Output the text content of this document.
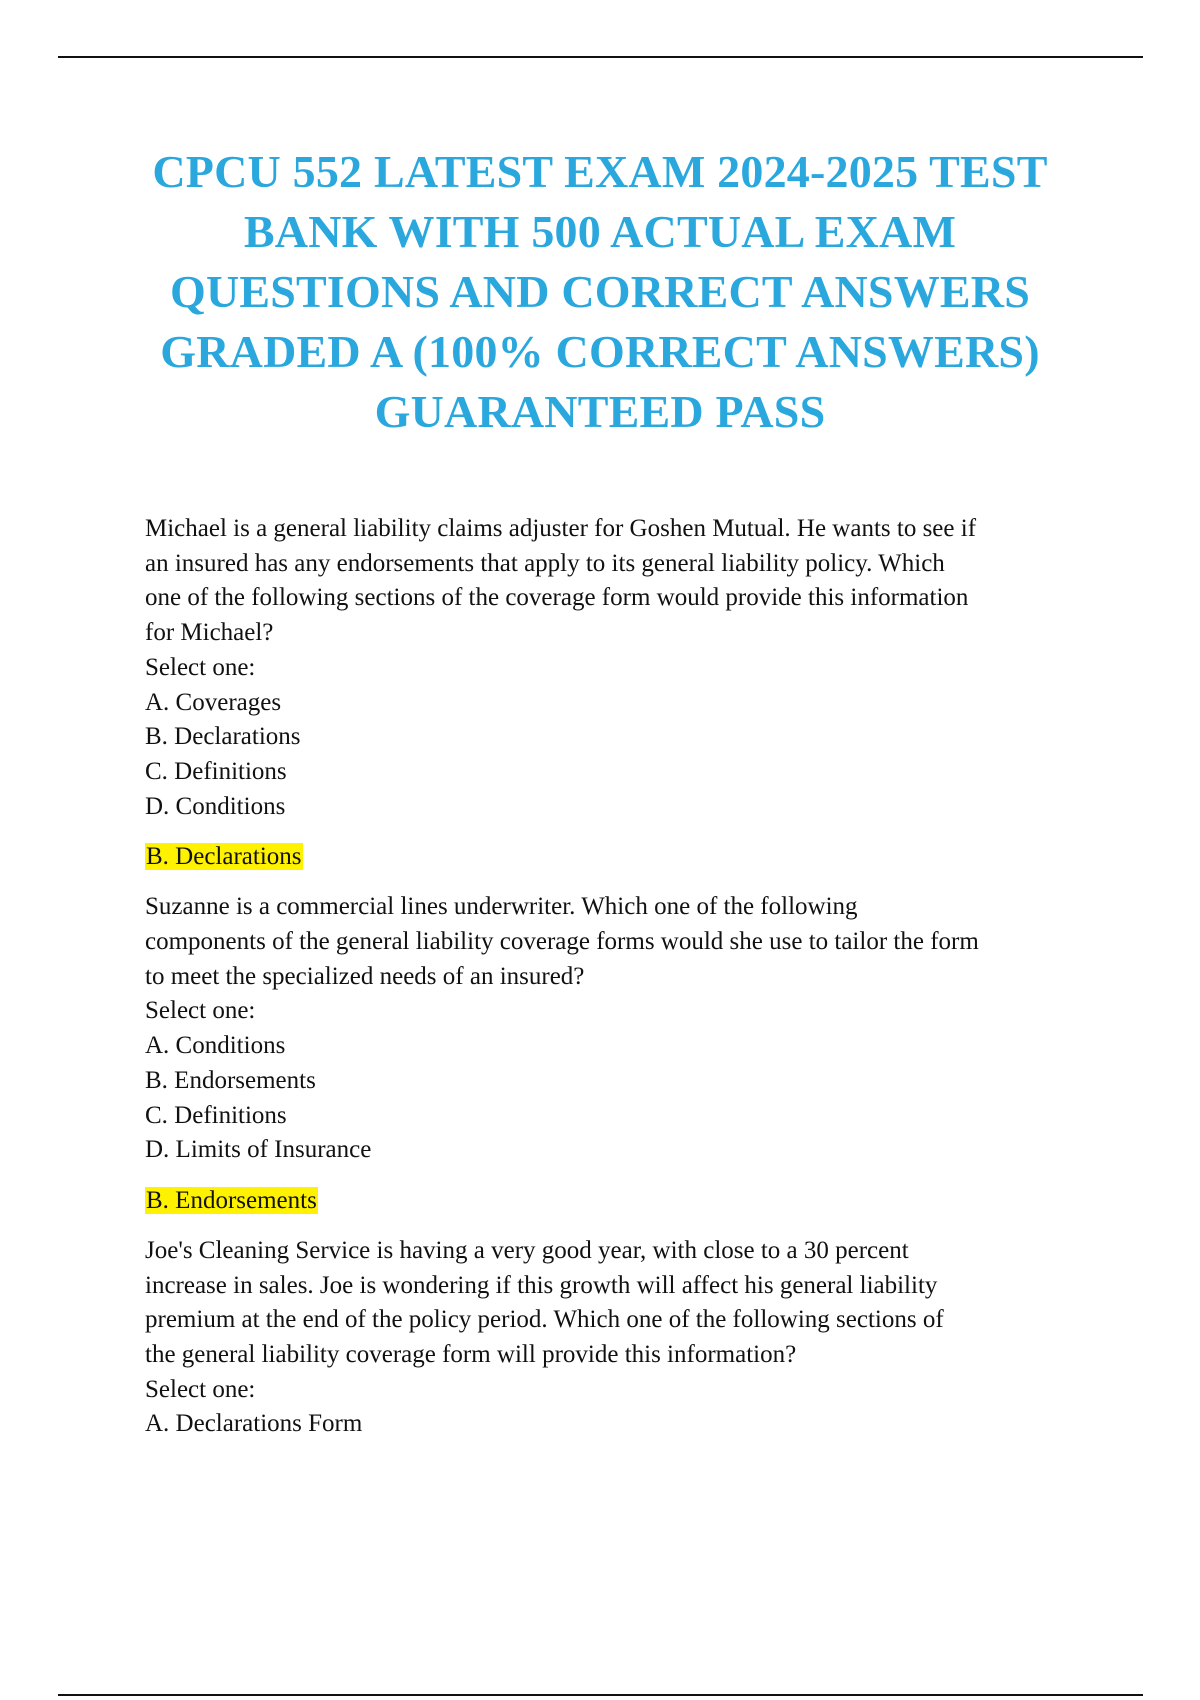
CPCU 552 LATEST EXAM 2024-2025 TEST
BANK WITH 500 ACTUAL EXAM
QUESTIONS AND CORRECT ANSWERS
GRADED A (100% CORRECT ANSWERS)
GUARANTEED PASS
Michael is a general liability claims adjuster for Goshen Mutual. He wants to see if
an insured has any endorsements that apply to its general liability policy. Which
one of the following sections of the coverage form would provide this information
for Michael?
Select one:
A. Coverages
B. Declarations
C. Definitions
D. Conditions
B. Declarations
Suzanne is a commercial lines underwriter. Which one of the following
components of the general liability coverage forms would she use to tailor the form
to meet the specialized needs of an insured?
Select one:
A. Conditions
B. Endorsements
C. Definitions
D. Limits of Insurance
B. Endorsements
Joe's Cleaning Service is having a very good year, with close to a 30 percent
increase in sales. Joe is wondering if this growth will affect his general liability
premium at the end of the policy period. Which one of the following sections of
the general liability coverage form will provide this information?
Select one:
A. Declarations Form
